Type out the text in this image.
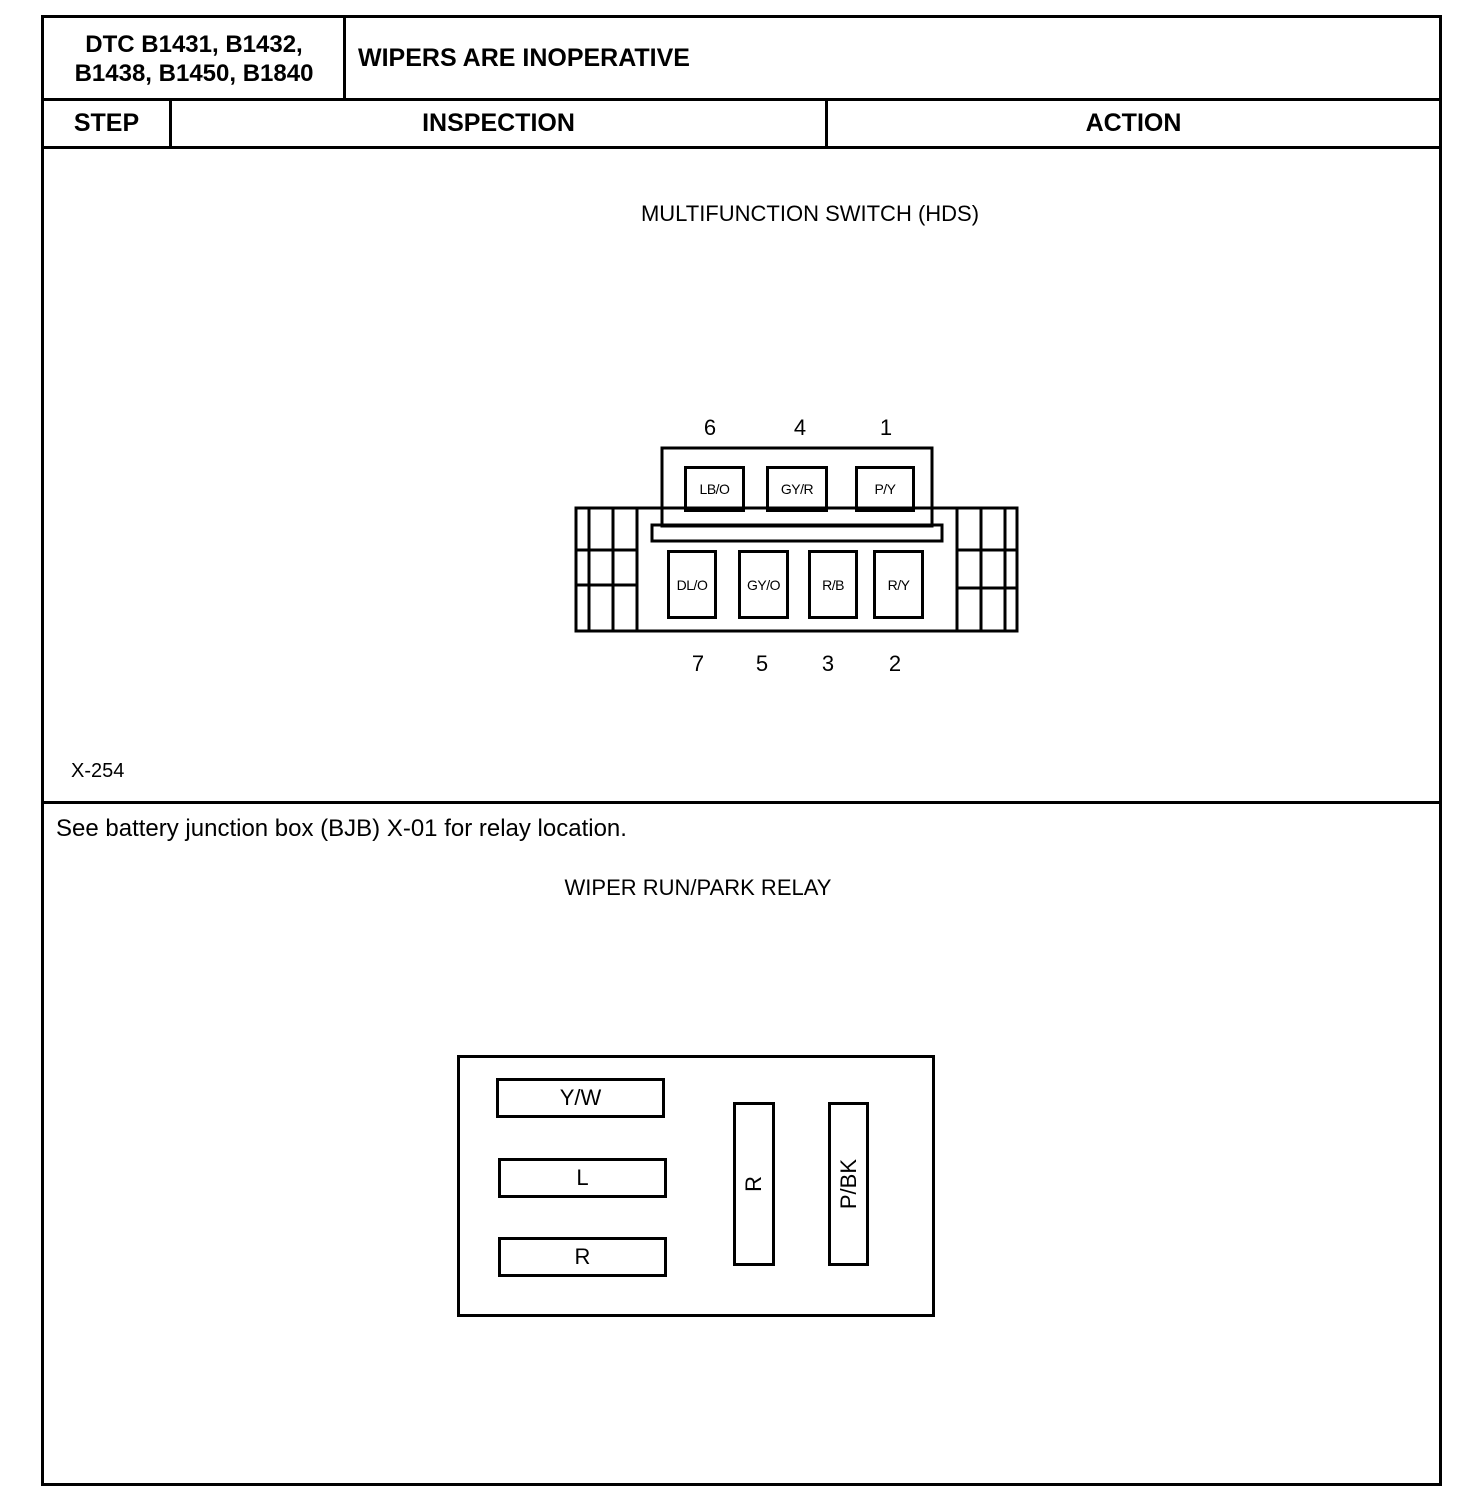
DTC B1431, B1432,
B1438, B1450, B1840
WIPERS ARE INOPERATIVE
STEP	INSPECTION	ACTION
MULTIFUNCTION SWITCH (HDS)
6	4	1
LB/O	GY/R	P/Y
DL/O	GY/O	R/B	R/Y
7	5	3	2
X-254
See battery junction box (BJB) X-01 for relay location.
WIPER RUN/PARK RELAY
Y/W
L
R
R	P/BK
